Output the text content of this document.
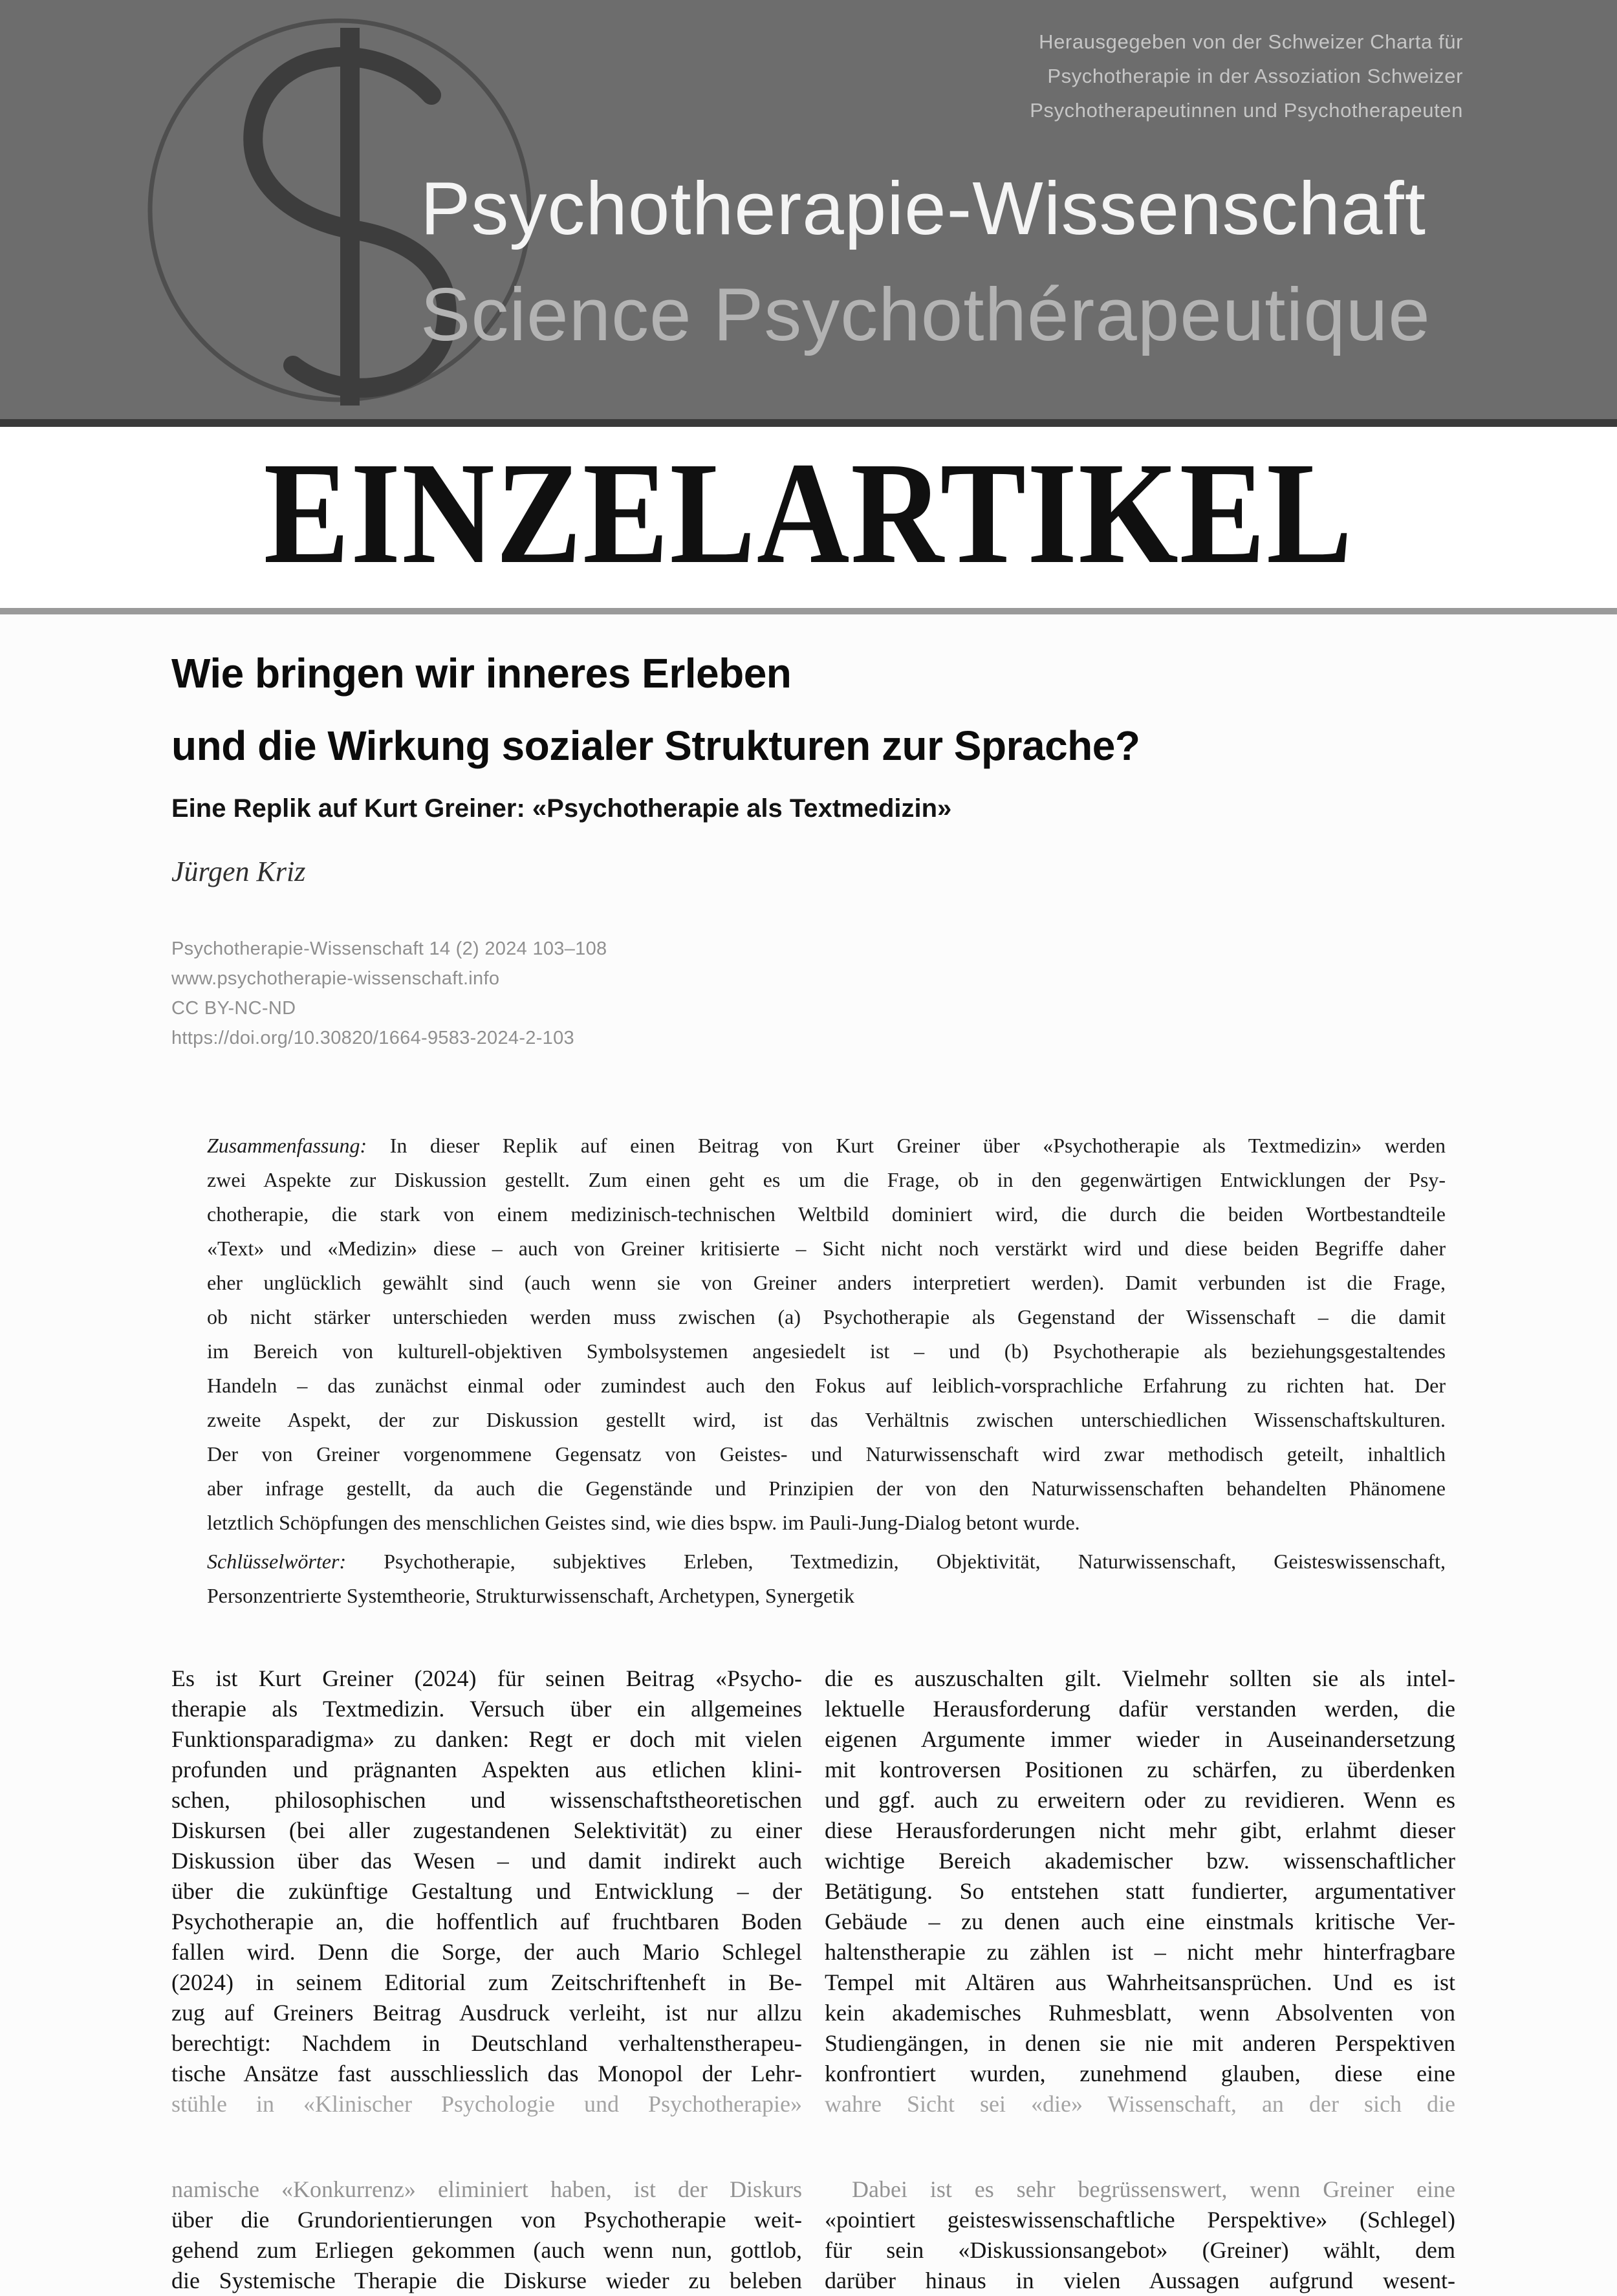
Herausgegeben von der Schweizer Charta für
Psychotherapie in der Assoziation Schweizer
Psychotherapeutinnen und Psychotherapeuten
Psychotherapie-Wissenschaft
Science Psychothérapeutique
EINZELARTIKEL
Wie bringen wir inneres Erleben
und die Wirkung sozialer Strukturen zur Sprache?
Eine Replik auf Kurt Greiner: «Psychotherapie als Textmedizin»
Jürgen Kriz
Psychotherapie-Wissenschaft 14 (2) 2024 103–108
www.psychotherapie-wissenschaft.info
CC BY-NC-ND
https://doi.org/10.30820/1664-9583-2024-2-103
Zusammenfassung: In dieser Replik auf einen Beitrag von Kurt Greiner über «Psychotherapie als Textmedizin» werden
zwei Aspekte zur Diskussion gestellt. Zum einen geht es um die Frage, ob in den gegenwärtigen Entwicklungen der Psy-
chotherapie, die stark von einem medizinisch-technischen Weltbild dominiert wird, die durch die beiden Wortbestandteile
«Text» und «Medizin» diese – auch von Greiner kritisierte – Sicht nicht noch verstärkt wird und diese beiden Begriffe daher
eher unglücklich gewählt sind (auch wenn sie von Greiner anders interpretiert werden). Damit verbunden ist die Frage,
ob nicht stärker unterschieden werden muss zwischen (a) Psychotherapie als Gegenstand der Wissenschaft – die damit
im Bereich von kulturell-objektiven Symbolsystemen angesiedelt ist – und (b) Psychotherapie als beziehungsgestaltendes
Handeln – das zunächst einmal oder zumindest auch den Fokus auf leiblich-vorsprachliche Erfahrung zu richten hat. Der
zweite Aspekt, der zur Diskussion gestellt wird, ist das Verhältnis zwischen unterschiedlichen Wissenschaftskulturen.
Der von Greiner vorgenommene Gegensatz von Geistes- und Naturwissenschaft wird zwar methodisch geteilt, inhaltlich
aber infrage gestellt, da auch die Gegenstände und Prinzipien der von den Naturwissenschaften behandelten Phänomene
letztlich Schöpfungen des menschlichen Geistes sind, wie dies bspw. im Pauli-Jung-Dialog betont wurde.
Schlüsselwörter: Psychotherapie, subjektives Erleben, Textmedizin, Objektivität, Naturwissenschaft, Geisteswissenschaft,
Personzentrierte Systemtheorie, Strukturwissenschaft, Archetypen, Synergetik
Es ist Kurt Greiner (2024) für seinen Beitrag «Psycho-
therapie als Textmedizin. Versuch über ein allgemeines
Funktionsparadigma» zu danken: Regt er doch mit vielen
profunden und prägnanten Aspekten aus etlichen klini-
schen, philosophischen und wissenschaftstheoretischen
Diskursen (bei aller zugestandenen Selektivität) zu einer
Diskussion über das Wesen – und damit indirekt auch
über die zukünftige Gestaltung und Entwicklung – der
Psychotherapie an, die hoffentlich auf fruchtbaren Boden
fallen wird. Denn die Sorge, der auch Mario Schlegel
(2024) in seinem Editorial zum Zeitschriftenheft in Be-
zug auf Greiners Beitrag Ausdruck verleiht, ist nur allzu
berechtigt: Nachdem in Deutschland verhaltenstherapeu-
tische Ansätze fast ausschliesslich das Monopol der Lehr-
stühle in «Klinischer Psychologie und Psychotherapie»
die es auszuschalten gilt. Vielmehr sollten sie als intel-
lektuelle Herausforderung dafür verstanden werden, die
eigenen Argumente immer wieder in Auseinandersetzung
mit kontroversen Positionen zu schärfen, zu überdenken
und ggf. auch zu erweitern oder zu revidieren. Wenn es
diese Herausforderungen nicht mehr gibt, erlahmt dieser
wichtige Bereich akademischer bzw. wissenschaftlicher
Betätigung. So entstehen statt fundierter, argumentativer
Gebäude – zu denen auch eine einstmals kritische Ver-
haltenstherapie zu zählen ist – nicht mehr hinterfragbare
Tempel mit Altären aus Wahrheitsansprüchen. Und es ist
kein akademisches Ruhmesblatt, wenn Absolventen von
Studiengängen, in denen sie nie mit anderen Perspektiven
konfrontiert wurden, zunehmend glauben, diese eine
wahre Sicht sei «die» Wissenschaft, an der sich die
namische «Konkurrenz» eliminiert haben, ist der Diskurs
über die Grundorientierungen von Psychotherapie weit-
gehend zum Erliegen gekommen (auch wenn nun, gottlob,
die Systemische Therapie die Diskurse wieder zu beleben
Dabei ist es sehr begrüssenswert, wenn Greiner eine
«pointiert geisteswissenschaftliche Perspektive» (Schlegel)
für sein «Diskussionsangebot» (Greiner) wählt, dem
darüber hinaus in vielen Aussagen aufgrund wesent-
